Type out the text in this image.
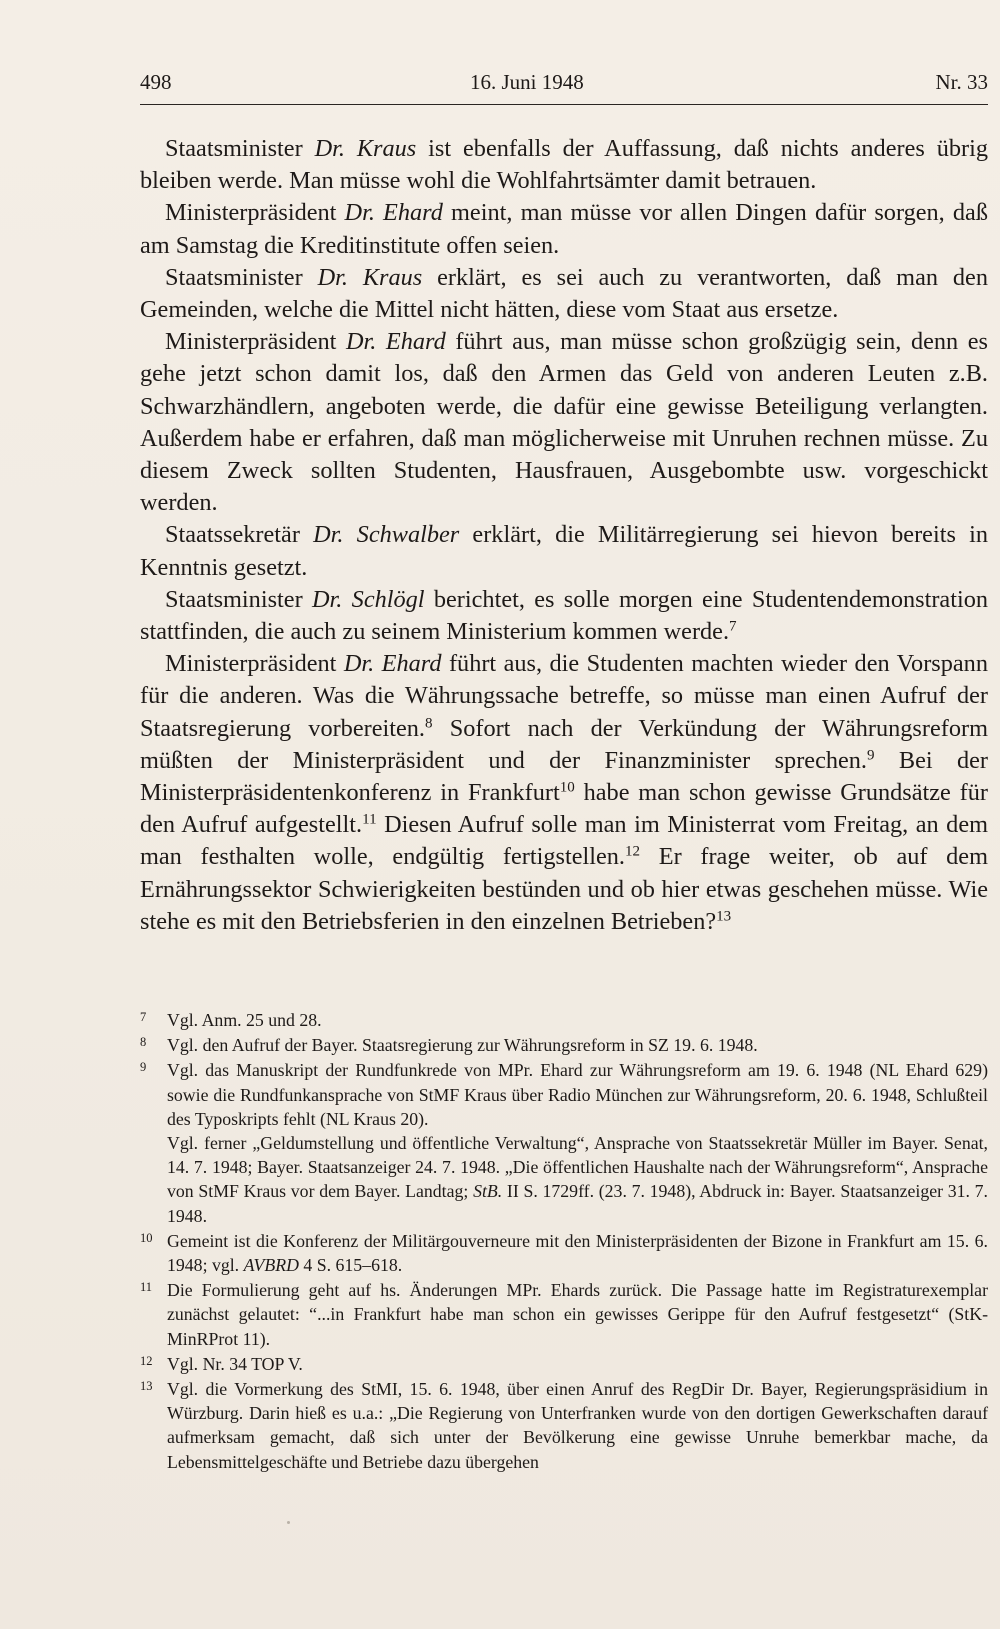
498	16. Juni 1948	Nr. 33

Staatsminister Dr. Kraus ist ebenfalls der Auffassung, daß nichts anderes übrig bleiben werde. Man müsse wohl die Wohlfahrtsämter damit betrauen.

Ministerpräsident Dr. Ehard meint, man müsse vor allen Dingen dafür sorgen, daß am Samstag die Kreditinstitute offen seien.

Staatsminister Dr. Kraus erklärt, es sei auch zu verantworten, daß man den Gemeinden, welche die Mittel nicht hätten, diese vom Staat aus ersetze.

Ministerpräsident Dr. Ehard führt aus, man müsse schon großzügig sein, denn es gehe jetzt schon damit los, daß den Armen das Geld von anderen Leuten z.B. Schwarzhändlern, angeboten werde, die dafür eine gewisse Beteiligung verlangten. Außerdem habe er erfahren, daß man möglicherweise mit Unruhen rechnen müsse. Zu diesem Zweck sollten Studenten, Hausfrauen, Ausgebombte usw. vorgeschickt werden.

Staatssekretär Dr. Schwalber erklärt, die Militärregierung sei hievon bereits in Kenntnis gesetzt.

Staatsminister Dr. Schlögl berichtet, es solle morgen eine Studentendemonstration stattfinden, die auch zu seinem Ministerium kommen werde.$^7$

Ministerpräsident Dr. Ehard führt aus, die Studenten machten wieder den Vorspann für die anderen. Was die Währungssache betreffe, so müsse man einen Aufruf der Staatsregierung vorbereiten.$^8$ Sofort nach der Verkündung der Währungsreform müßten der Ministerpräsident und der Finanzminister sprechen.$^9$ Bei der Ministerpräsidentenkonferenz in Frankfurt$^{10}$ habe man schon gewisse Grundsätze für den Aufruf aufgestellt.$^{11}$ Diesen Aufruf solle man im Ministerrat vom Freitag, an dem man festhalten wolle, endgültig fertigstellen.$^{12}$ Er frage weiter, ob auf dem Ernährungssektor Schwierigkeiten bestünden und ob hier etwas geschehen müsse. Wie stehe es mit den Betriebsferien in den einzelnen Betrieben?$^{13}$

7 Vgl. Anm. 25 und 28.
8 Vgl. den Aufruf der Bayer. Staatsregierung zur Währungsreform in SZ 19. 6. 1948.
9 Vgl. das Manuskript der Rundfunkrede von MPr. Ehard zur Währungsreform am 19. 6. 1948 (NL Ehard 629) sowie die Rundfunkansprache von StMF Kraus über Radio München zur Währungsreform, 20. 6. 1948, Schlußteil des Typoskripts fehlt (NL Kraus 20).
Vgl. ferner „Geldumstellung und öffentliche Verwaltung“, Ansprache von Staatssekretär Müller im Bayer. Senat, 14. 7. 1948; Bayer. Staatsanzeiger 24. 7. 1948. „Die öffentlichen Haushalte nach der Währungsreform“, Ansprache von StMF Kraus vor dem Bayer. Landtag; StB. II S. 1729ff. (23. 7. 1948), Abdruck in: Bayer. Staatsanzeiger 31. 7. 1948.
10 Gemeint ist die Konferenz der Militärgouverneure mit den Ministerpräsidenten der Bizone in Frankfurt am 15. 6. 1948; vgl. AVBRD 4 S. 615–618.
11 Die Formulierung geht auf hs. Änderungen MPr. Ehards zurück. Die Passage hatte im Registraturexemplar zunächst gelautet: “...in Frankfurt habe man schon ein gewisses Gerippe für den Aufruf festgesetzt“ (StK-MinRProt 11).
12 Vgl. Nr. 34 TOP V.
13 Vgl. die Vormerkung des StMI, 15. 6. 1948, über einen Anruf des RegDir Dr. Bayer, Regierungspräsidium in Würzburg. Darin hieß es u.a.: „Die Regierung von Unterfranken wurde von den dortigen Gewerkschaften darauf aufmerksam gemacht, daß sich unter der Bevölkerung eine gewisse Unruhe bemerkbar mache, da Lebensmittelgeschäfte und Betriebe dazu übergehen
